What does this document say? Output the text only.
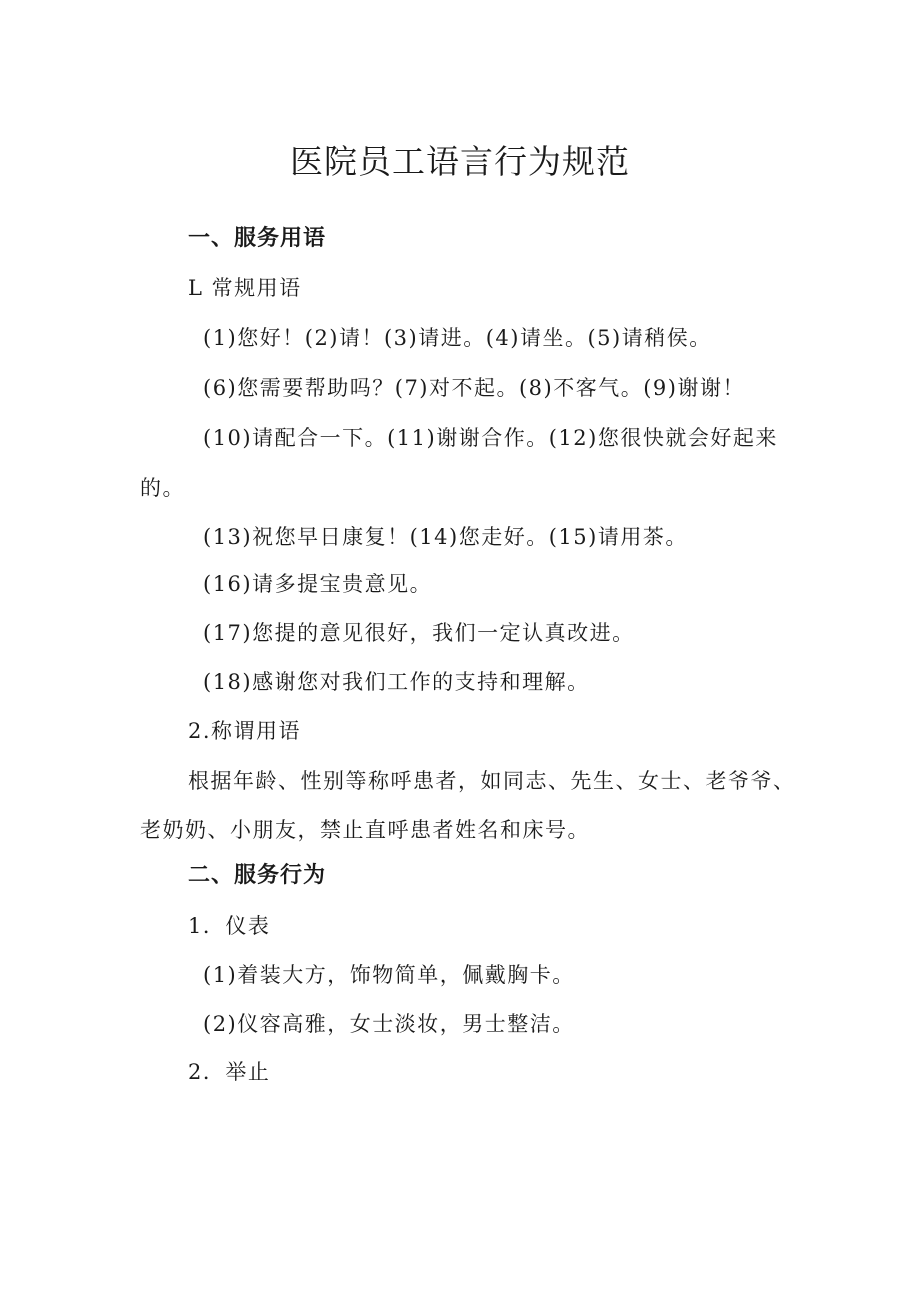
医院员工语言行为规范
一、服务用语
L 常规用语
(1)您好！(2)请！(3)请进。(4)请坐。(5)请稍侯。
(6)您需要帮助吗？(7)对不起。(8)不客气。(9)谢谢！
(10)请配合一下。(11)谢谢合作。(12)您很快就会好起来
的。
(13)祝您早日康复！(14)您走好。(15)请用茶。
(16)请多提宝贵意见。
(17)您提的意见很好，我们一定认真改进。
(18)感谢您对我们工作的支持和理解。
2.称谓用语
根据年龄、性别等称呼患者，如同志、先生、女士、老爷爷、
老奶奶、小朋友，禁止直呼患者姓名和床号。
二、服务行为
1．仪表
(1)着装大方，饰物简单，佩戴胸卡。
(2)仪容高雅，女士淡妆，男士整洁。
2．举止
